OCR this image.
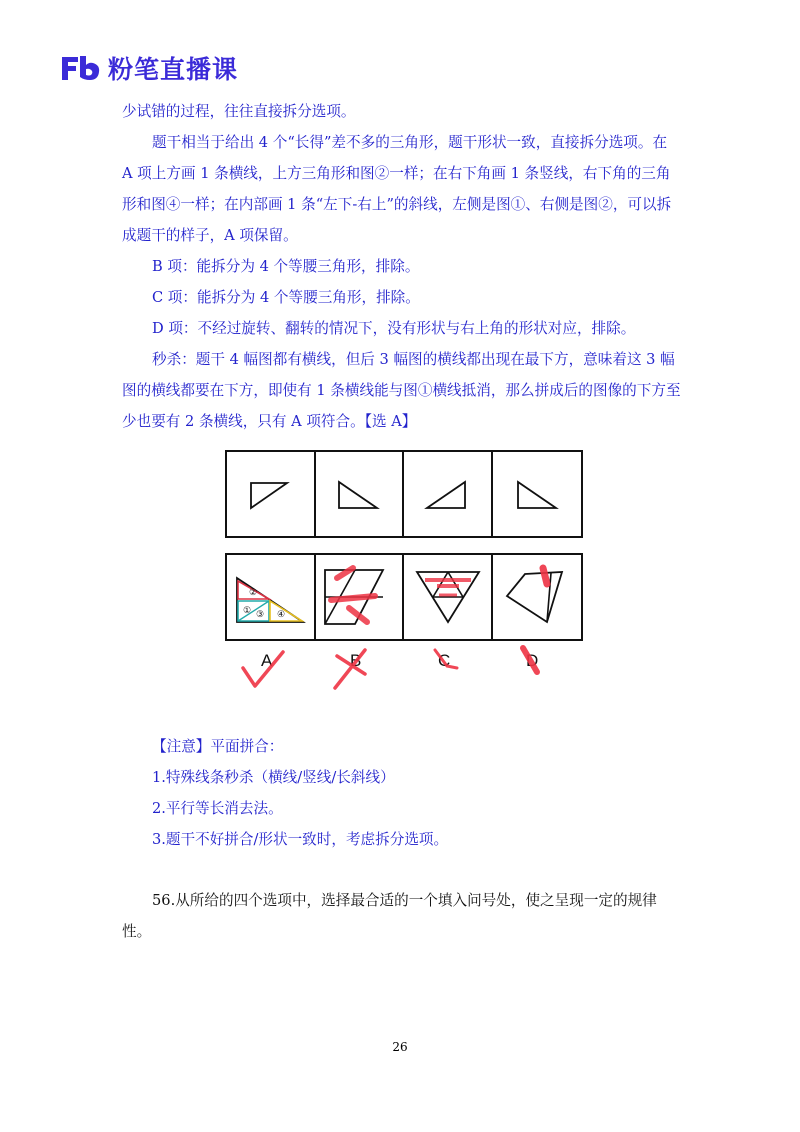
粉笔直播课

少试错的过程，往往直接拆分选项。

题干相当于给出 4 个“长得”差不多的三角形，题干形状一致，直接拆分选项。在 A 项上方画 1 条横线，上方三角形和图②一样；在右下角画 1 条竖线，右下角的三角形和图④一样；在内部画 1 条“左下-右上”的斜线，左侧是图①、右侧是图②，可以拆成题干的样子，A 项保留。

B 项：能拆分为 4 个等腰三角形，排除。

C 项：能拆分为 4 个等腰三角形，排除。

D 项：不经过旋转、翻转的情况下，没有形状与右上角的形状对应，排除。

秒杀：题干 4 幅图都有横线，但后 3 幅图的横线都出现在最下方，意味着这 3 幅图的横线都要在下方，即使有 1 条横线能与图①横线抵消，那么拼成后的图像的下方至少也要有 2 条横线，只有 A 项符合。【选 A】

②
① ③ ④
A	B	C	D

【注意】平面拼合：

1.特殊线条秒杀（横线/竖线/长斜线）

2.平行等长消去法。

3.题干不好拼合/形状一致时，考虑拆分选项。

56.从所给的四个选项中，选择最合适的一个填入问号处，使之呈现一定的规律性。

26
